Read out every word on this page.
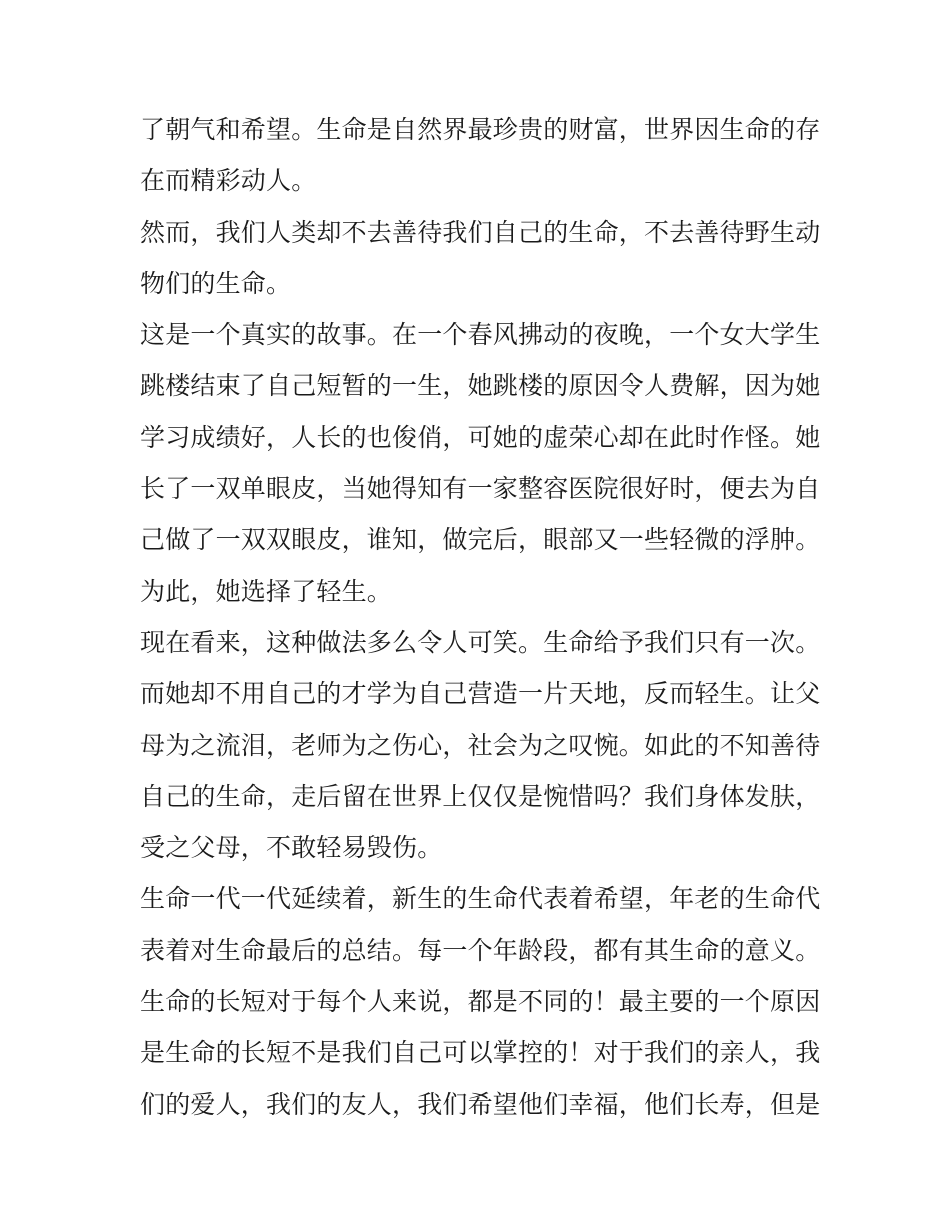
了朝气和希望。生命是自然界最珍贵的财富，世界因生命的存
在而精彩动人。
然而，我们人类却不去善待我们自己的生命，不去善待野生动
物们的生命。
这是一个真实的故事。在一个春风拂动的夜晚，一个女大学生
跳楼结束了自己短暂的一生，她跳楼的原因令人费解，因为她
学习成绩好，人长的也俊俏，可她的虚荣心却在此时作怪。她
长了一双单眼皮，当她得知有一家整容医院很好时，便去为自
己做了一双双眼皮，谁知，做完后，眼部又一些轻微的浮肿。
为此，她选择了轻生。
现在看来，这种做法多么令人可笑。生命给予我们只有一次。
而她却不用自己的才学为自己营造一片天地，反而轻生。让父
母为之流泪，老师为之伤心，社会为之叹惋。如此的不知善待
自己的生命，走后留在世界上仅仅是惋惜吗？我们身体发肤，
受之父母，不敢轻易毁伤。
生命一代一代延续着，新生的生命代表着希望，年老的生命代
表着对生命最后的总结。每一个年龄段，都有其生命的意义。
生命的长短对于每个人来说，都是不同的！最主要的一个原因
是生命的长短不是我们自己可以掌控的！对于我们的亲人，我
们的爱人，我们的友人，我们希望他们幸福，他们长寿，但是
